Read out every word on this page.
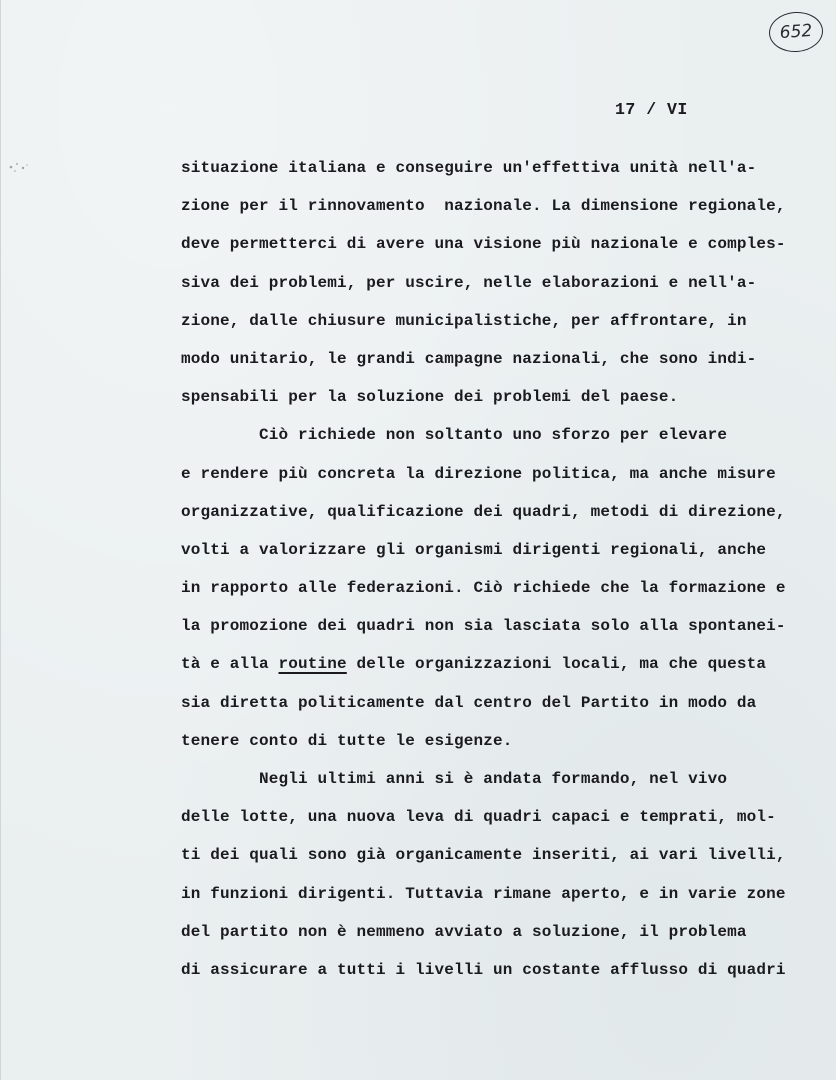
652
17 / VI
situazione italiana e conseguire un'effettiva unità nell'a-
zione per il rinnovamento  nazionale. La dimensione regionale,
deve permetterci di avere una visione più nazionale e comples-
siva dei problemi, per uscire, nelle elaborazioni e nell'a-
zione, dalle chiusure municipalistiche, per affrontare, in
modo unitario, le grandi campagne nazionali, che sono indi-
spensabili per la soluzione dei problemi del paese.
Ciò richiede non soltanto uno sforzo per elevare
e rendere più concreta la direzione politica, ma anche misure
organizzative, qualificazione dei quadri, metodi di direzione,
volti a valorizzare gli organismi dirigenti regionali, anche
in rapporto alle federazioni. Ciò richiede che la formazione e
la promozione dei quadri non sia lasciata solo alla spontanei-
tà e alla routine delle organizzazioni locali, ma che questa
sia diretta politicamente dal centro del Partito in modo da
tenere conto di tutte le esigenze.
Negli ultimi anni si è andata formando, nel vivo
delle lotte, una nuova leva di quadri capaci e temprati, mol-
ti dei quali sono già organicamente inseriti, ai vari livelli,
in funzioni dirigenti. Tuttavia rimane aperto, e in varie zone
del partito non è nemmeno avviato a soluzione, il problema
di assicurare a tutti i livelli un costante afflusso di quadri
